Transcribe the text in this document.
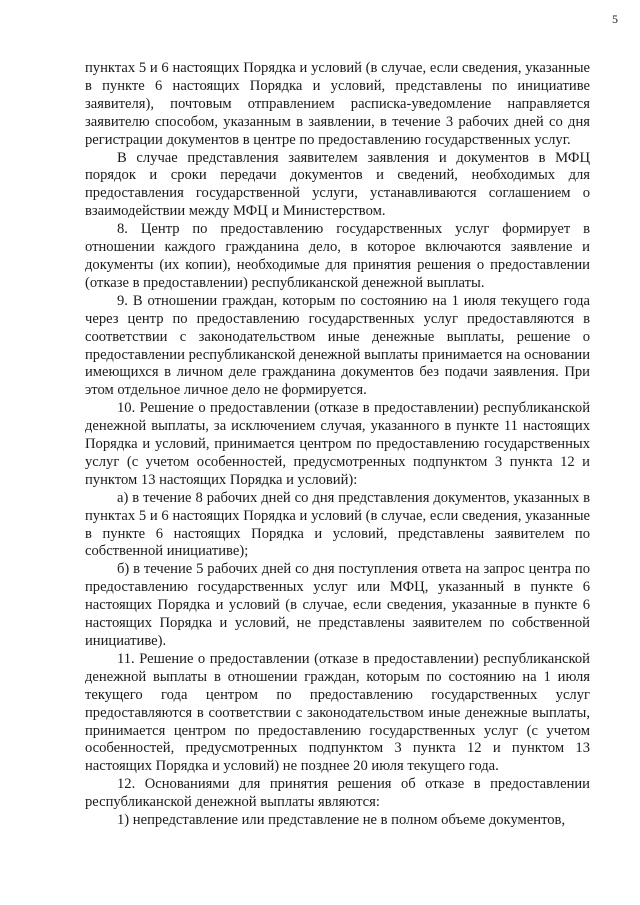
5

пунктах 5 и 6 настоящих Порядка и условий (в случае, если сведения, указанные в пункте 6 настоящих Порядка и условий, представлены по инициативе заявителя), почтовым отправлением расписка-уведомление направляется заявителю способом, указанным в заявлении, в течение 3 рабочих дней со дня регистрации документов в центре по предоставлению государственных услуг.

В случае представления заявителем заявления и документов в МФЦ порядок и сроки передачи документов и сведений, необходимых для предоставления государственной услуги, устанавливаются соглашением о взаимодействии между МФЦ и Министерством.

8. Центр по предоставлению государственных услуг формирует в отношении каждого гражданина дело, в которое включаются заявление и документы (их копии), необходимые для принятия решения о предоставлении (отказе в предоставлении) республиканской денежной выплаты.

9. В отношении граждан, которым по состоянию на 1 июля текущего года через центр по предоставлению государственных услуг предоставляются в соответствии с законодательством иные денежные выплаты, решение о предоставлении республиканской денежной выплаты принимается на основании имеющихся в личном деле гражданина документов без подачи заявления. При этом отдельное личное дело не формируется.

10. Решение о предоставлении (отказе в предоставлении) республиканской денежной выплаты, за исключением случая, указанного в пункте 11 настоящих Порядка и условий, принимается центром по предоставлению государственных услуг (с учетом особенностей, предусмотренных подпунктом 3 пункта 12 и пунктом 13 настоящих Порядка и условий):

а) в течение 8 рабочих дней со дня представления документов, указанных в пунктах 5 и 6 настоящих Порядка и условий (в случае, если сведения, указанные в пункте 6 настоящих Порядка и условий, представлены заявителем по собственной инициативе);

б) в течение 5 рабочих дней со дня поступления ответа на запрос центра по предоставлению государственных услуг или МФЦ, указанный в пункте 6 настоящих Порядка и условий (в случае, если сведения, указанные в пункте 6 настоящих Порядка и условий, не представлены заявителем по собственной инициативе).

11. Решение о предоставлении (отказе в предоставлении) республиканской денежной выплаты в отношении граждан, которым по состоянию на 1 июля текущего года центром по предоставлению государственных услуг предоставляются в соответствии с законодательством иные денежные выплаты, принимается центром по предоставлению государственных услуг (с учетом особенностей, предусмотренных подпунктом 3 пункта 12 и пунктом 13 настоящих Порядка и условий) не позднее 20 июля текущего года.

12. Основаниями для принятия решения об отказе в предоставлении республиканской денежной выплаты являются:

1) непредставление или представление не в полном объеме документов,
